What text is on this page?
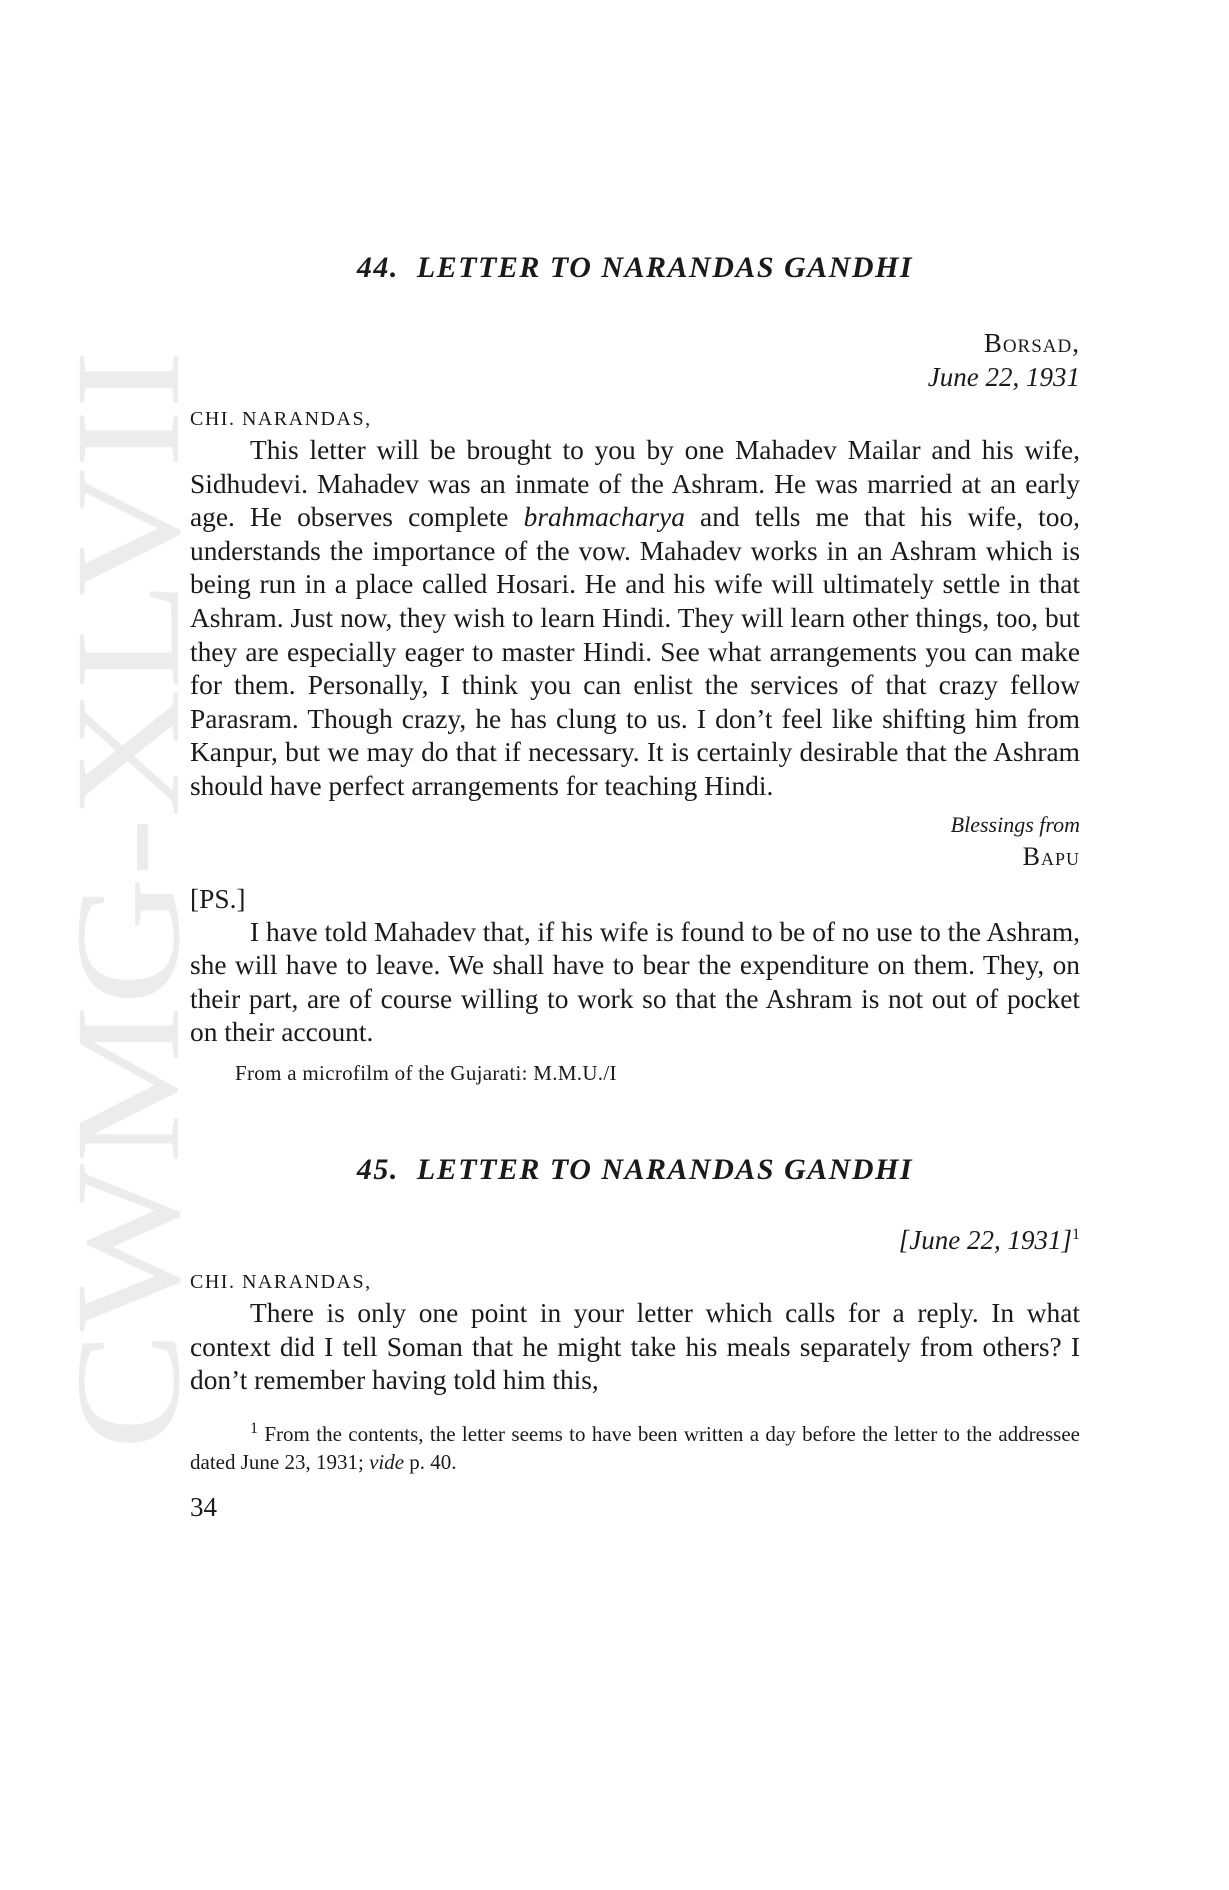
CWMG-XLVII
44. LETTER TO NARANDAS GANDHI
Borsad,
June 22, 1931
CHI. NARANDAS,

This letter will be brought to you by one Mahadev Mailar and his wife, Sidhudevi. Mahadev was an inmate of the Ashram. He was married at an early age. He observes complete brahmacharya and tells me that his wife, too, understands the importance of the vow. Mahadev works in an Ashram which is being run in a place called Hosari. He and his wife will ultimately settle in that Ashram. Just now, they wish to learn Hindi. They will learn other things, too, but they are especially eager to master Hindi. See what arrangements you can make for them. Personally, I think you can enlist the services of that crazy fellow Parasram. Though crazy, he has clung to us. I don’t feel like shifting him from Kanpur, but we may do that if necessary. It is certainly desirable that the Ashram should have perfect arrangements for teaching Hindi.

Blessings from
Bapu
[PS.]

I have told Mahadev that, if his wife is found to be of no use to the Ashram, she will have to leave. We shall have to bear the expenditure on them. They, on their part, are of course willing to work so that the Ashram is not out of pocket on their account.

From a microfilm of the Gujarati: M.M.U./I
45. LETTER TO NARANDAS GANDHI
[June 22, 1931]$^1$
CHI. NARANDAS,

There is only one point in your letter which calls for a reply. In what context did I tell Soman that he might take his meals separately from others? I don’t remember having told him this,

$^1$ From the contents, the letter seems to have been written a day before the letter to the addressee dated June 23, 1931; vide p. 40.

34
